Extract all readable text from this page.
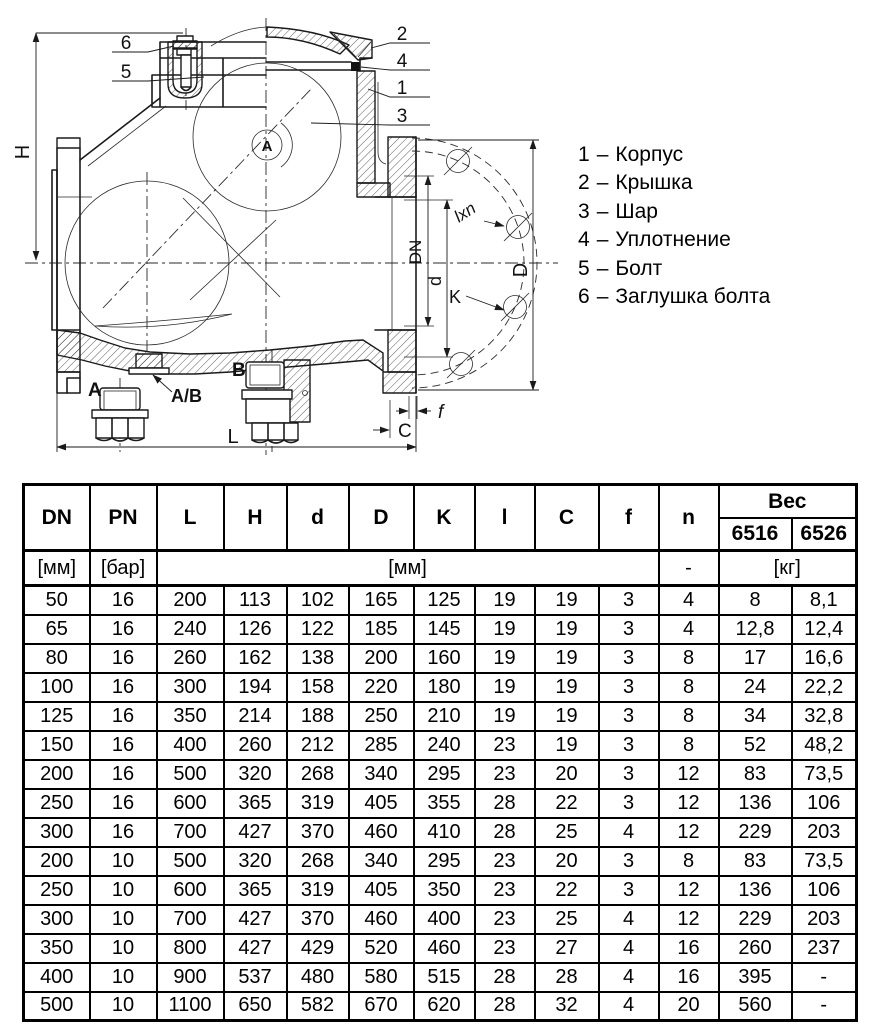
А
H
L
D
DN
d
K
lxn
f
C
6
5
2
4
1
3
A
B
A/B
1 – Корпус
2 – Крышка
3 – Шар
4 – Уплотнение
5 – Болт
6 – Заглушка болта
DN	PN	L	H	d	D	K	l	C	f	n	Вес	
											6516	6526
[мм]	[бар]	[мм]								-	[кг]	
50	16	200	113	102	165	125	19	19	3	4	8	8,1
65	16	240	126	122	185	145	19	19	3	4	12,8	12,4
80	16	260	162	138	200	160	19	19	3	8	17	16,6
100	16	300	194	158	220	180	19	19	3	8	24	22,2
125	16	350	214	188	250	210	19	19	3	8	34	32,8
150	16	400	260	212	285	240	23	19	3	8	52	48,2
200	16	500	320	268	340	295	23	20	3	12	83	73,5
250	16	600	365	319	405	355	28	22	3	12	136	106
300	16	700	427	370	460	410	28	25	4	12	229	203
200	10	500	320	268	340	295	23	20	3	8	83	73,5
250	10	600	365	319	405	350	23	22	3	12	136	106
300	10	700	427	370	460	400	23	25	4	12	229	203
350	10	800	427	429	520	460	23	27	4	16	260	237
400	10	900	537	480	580	515	28	28	4	16	395	-
500	10	1100	650	582	670	620	28	32	4	20	560	-
